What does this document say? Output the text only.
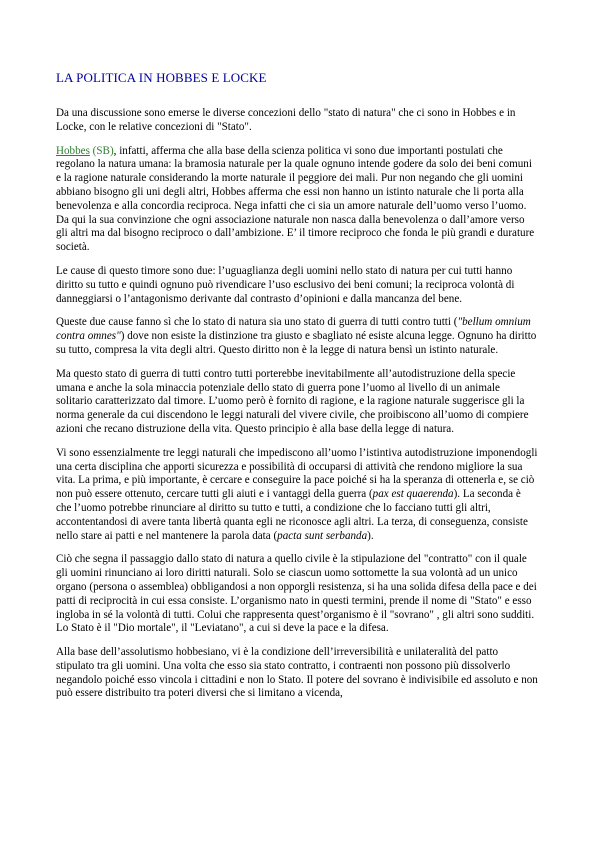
LA POLITICA IN HOBBES E LOCKE

Da una discussione sono emerse le diverse concezioni dello "stato di natura" che ci sono in Hobbes e in Locke, con le relative concezioni di "Stato".

Hobbes (SB), infatti, afferma che alla base della scienza politica vi sono due importanti postulati che regolano la natura umana: la bramosia naturale per la quale ognuno intende godere da solo dei beni comuni e la ragione naturale considerando la morte naturale il peggiore dei mali. Pur non negando che gli uomini abbiano bisogno gli uni degli altri, Hobbes afferma che essi non hanno un istinto naturale che li porta alla benevolenza e alla concordia reciproca. Nega infatti che ci sia un amore naturale dell’uomo verso l’uomo. Da qui la sua convinzione che ogni associazione naturale non nasca dalla benevolenza o dall’amore verso gli altri ma dal bisogno reciproco o dall’ambizione. E’ il timore reciproco che fonda le più grandi e durature società.

Le cause di questo timore sono due: l’uguaglianza degli uomini nello stato di natura per cui tutti hanno diritto su tutto e quindi ognuno può rivendicare l’uso esclusivo dei beni comuni; la reciproca volontà di danneggiarsi o l’antagonismo derivante dal contrasto d’opinioni e dalla mancanza del bene.

Queste due cause fanno sì che lo stato di natura sia uno stato di guerra di tutti contro tutti ("bellum omnium contra omnes") dove non esiste la distinzione tra giusto e sbagliato né esiste alcuna legge. Ognuno ha diritto su tutto, compresa la vita degli altri. Questo diritto non è la legge di natura bensì un istinto naturale.

Ma questo stato di guerra di tutti contro tutti porterebbe inevitabilmente all’autodistruzione della specie umana e anche la sola minaccia potenziale dello stato di guerra pone l’uomo al livello di un animale solitario caratterizzato dal timore. L’uomo però è fornito di ragione, e la ragione naturale suggerisce gli la norma generale da cui discendono le leggi naturali del vivere civile, che proibiscono all’uomo di compiere azioni che recano distruzione della vita. Questo principio è alla base della legge di natura.

Vi sono essenzialmente tre leggi naturali che impediscono all’uomo l’istintiva autodistruzione imponendogli una certa disciplina che apporti sicurezza e possibilità di occuparsi di attività che rendono migliore la sua vita. La prima, e più importante, è cercare e conseguire la pace poiché si ha la speranza di ottenerla e, se ciò non può essere ottenuto, cercare tutti gli aiuti e i vantaggi della guerra (pax est quaerenda). La seconda è che l’uomo potrebbe rinunciare al diritto su tutto e tutti, a condizione che lo facciano tutti gli altri, accontentandosi di avere tanta libertà quanta egli ne riconosce agli altri. La terza, di conseguenza, consiste nello stare ai patti e nel mantenere la parola data (pacta sunt serbanda).

Ciò che segna il passaggio dallo stato di natura a quello civile è la stipulazione del "contratto" con il quale gli uomini rinunciano ai loro diritti naturali. Solo se ciascun uomo sottomette la sua volontà ad un unico organo (persona o assemblea) obbligandosi a non opporgli resistenza, si ha una solida difesa della pace e dei patti di reciprocità in cui essa consiste. L’organismo nato in questi termini, prende il nome di "Stato" e esso ingloba in sé la volontà di tutti. Colui che rappresenta quest’organismo è il "sovrano" , gli altri sono sudditi. Lo Stato è il "Dio mortale", il "Leviatano", a cui si deve la pace e la difesa.

Alla base dell’assolutismo hobbesiano, vi è la condizione dell’irreversibilità e unilateralità del patto stipulato tra gli uomini. Una volta che esso sia stato contratto, i contraenti non possono più dissolverlo negandolo poiché esso vincola i cittadini e non lo Stato. Il potere del sovrano è indivisibile ed assoluto e non può essere distribuito tra poteri diversi che si limitano a vicenda,
